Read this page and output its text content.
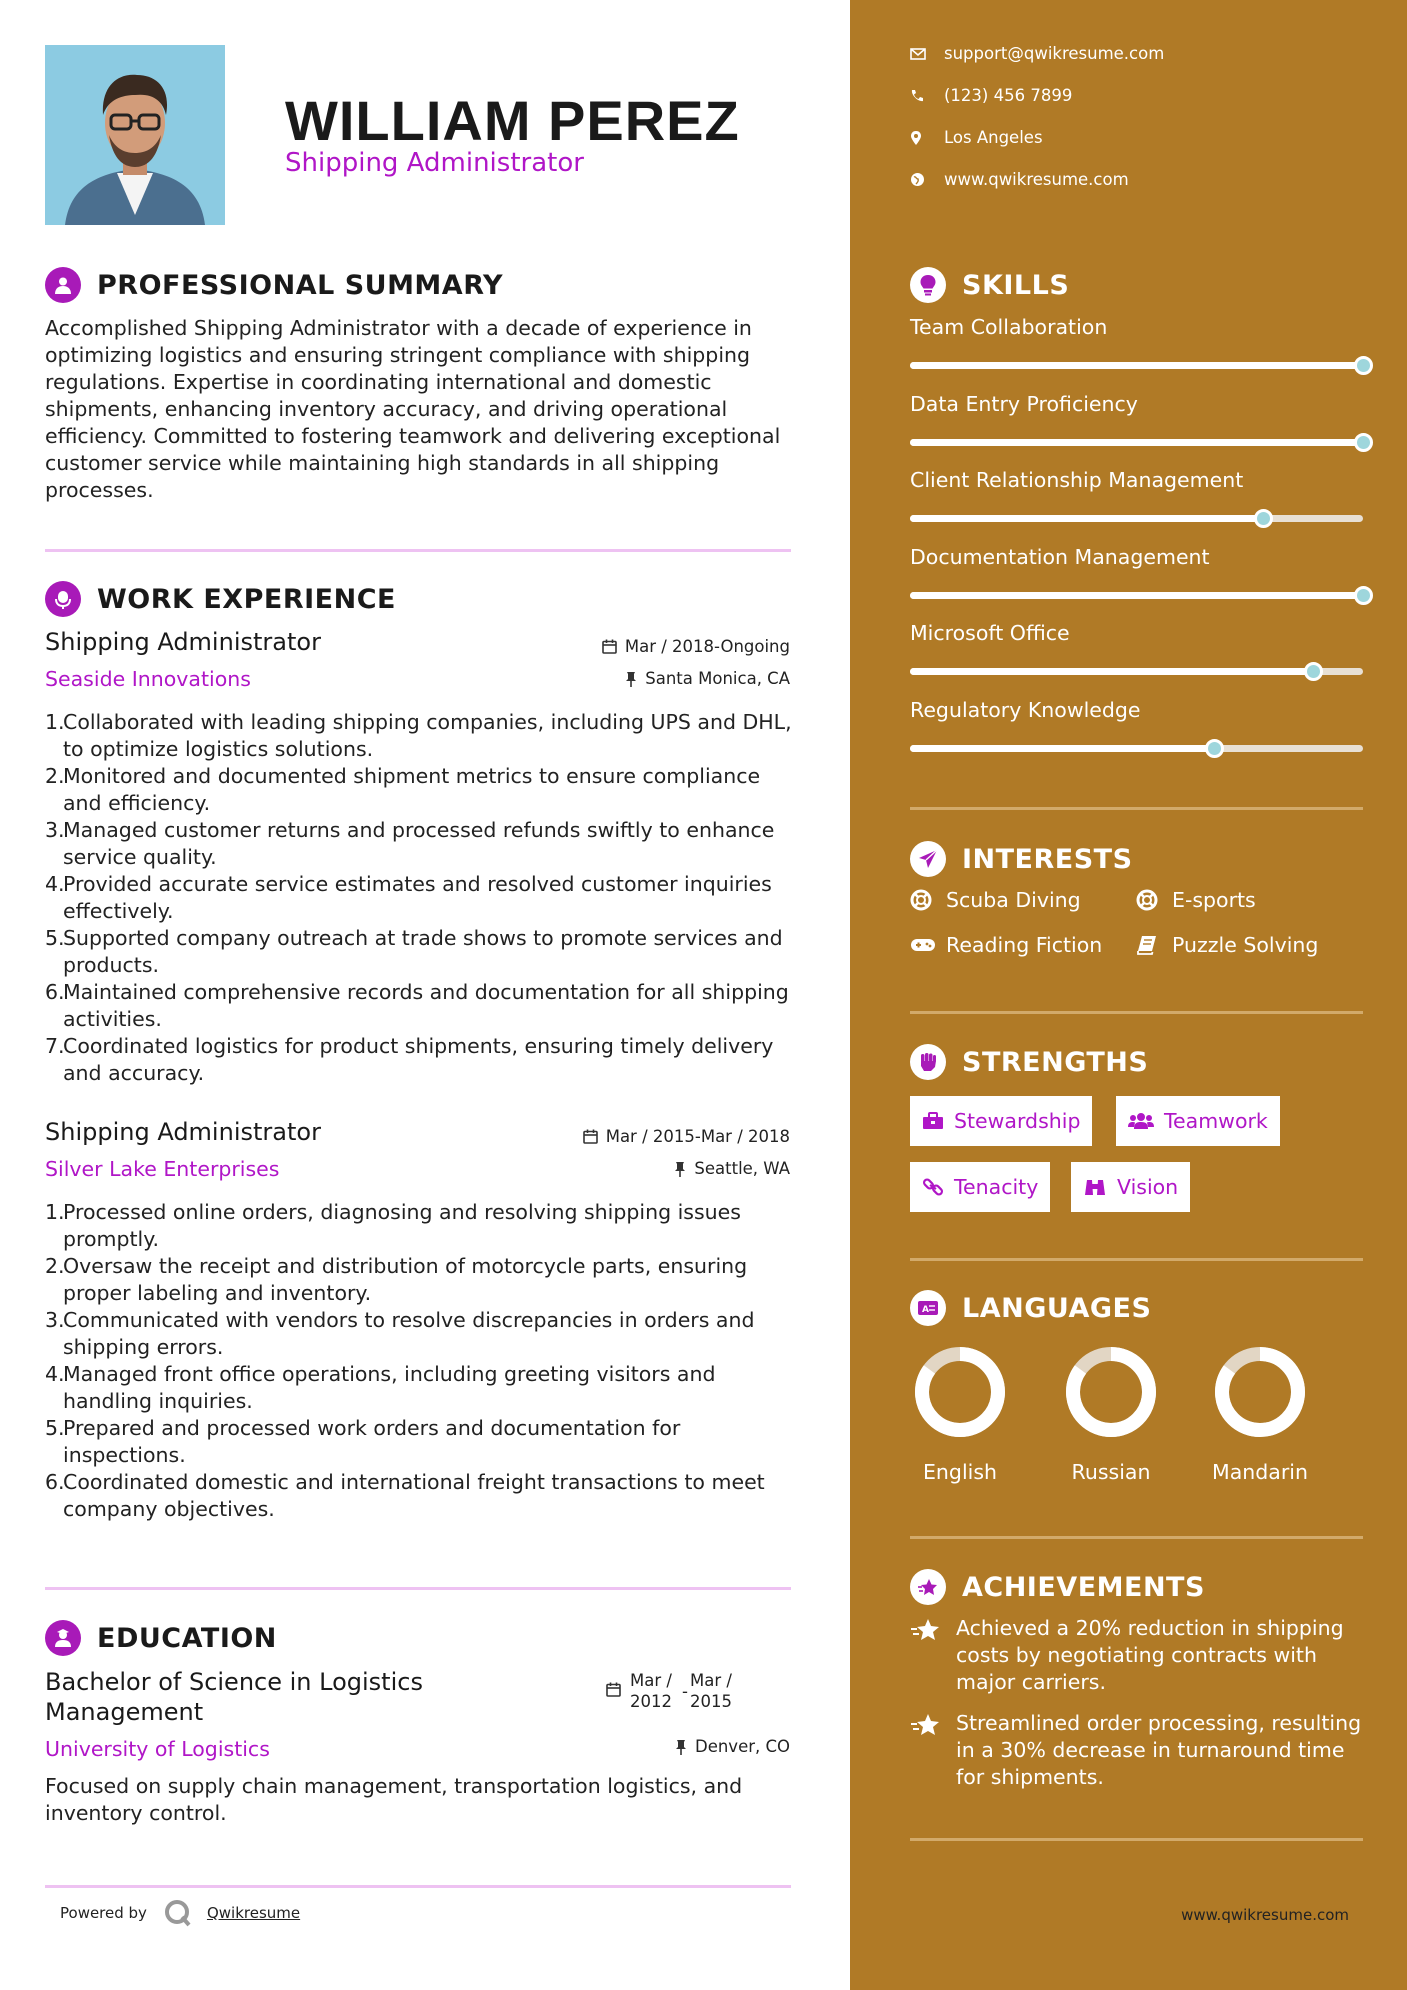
WILLIAM PEREZ
Shipping Administrator
PROFESSIONAL SUMMARY
Accomplished Shipping Administrator with a decade of experience in optimizing logistics and ensuring stringent compliance with shipping regulations. Expertise in coordinating international and domestic shipments, enhancing inventory accuracy, and driving operational efficiency. Committed to fostering teamwork and delivering exceptional customer service while maintaining high standards in all shipping processes.
WORK EXPERIENCE
Shipping Administrator
Seaside Innovations
Mar / 2018-Ongoing
Santa Monica, CA
1.
Collaborated with leading shipping companies, including UPS and DHL, to optimize logistics solutions.
2.
Monitored and documented shipment metrics to ensure compliance and efficiency.
3.
Managed customer returns and processed refunds swiftly to enhance service quality.
4.
Provided accurate service estimates and resolved customer inquiries effectively.
5.
Supported company outreach at trade shows to promote services and products.
6.
Maintained comprehensive records and documentation for all shipping activities.
7.
Coordinated logistics for product shipments, ensuring timely delivery and accuracy.
Shipping Administrator
Silver Lake Enterprises
Mar / 2015-Mar / 2018
Seattle, WA
1.
Processed online orders, diagnosing and resolving shipping issues promptly.
2.
Oversaw the receipt and distribution of motorcycle parts, ensuring proper labeling and inventory.
3.
Communicated with vendors to resolve discrepancies in orders and shipping errors.
4.
Managed front office operations, including greeting visitors and handling inquiries.
5.
Prepared and processed work orders and documentation for inspections.
6.
Coordinated domestic and international freight transactions to meet company objectives.
EDUCATION
Bachelor of Science in Logistics
Management
University of Logistics
Mar /
2012
-
Mar /
2015
Denver, CO
Focused on supply chain management, transportation logistics, and inventory control.
Powered by	Qwikresume
support@qwikresume.com
(123) 456 7899
Los Angeles
www.qwikresume.com
SKILLS
Team Collaboration
Data Entry Proficiency
Client Relationship Management
Documentation Management
Microsoft Office
Regulatory Knowledge
INTERESTS
Scuba Diving	E-sports
Reading Fiction	Puzzle Solving
STRENGTHS
Stewardship	Teamwork
Tenacity	Vision
A LANGUAGES
English	Russian	Mandarin
ACHIEVEMENTS
Achieved a 20% reduction in shipping costs by negotiating contracts with major carriers.
Streamlined order processing, resulting in a 30% decrease in turnaround time for shipments.
www.qwikresume.com
